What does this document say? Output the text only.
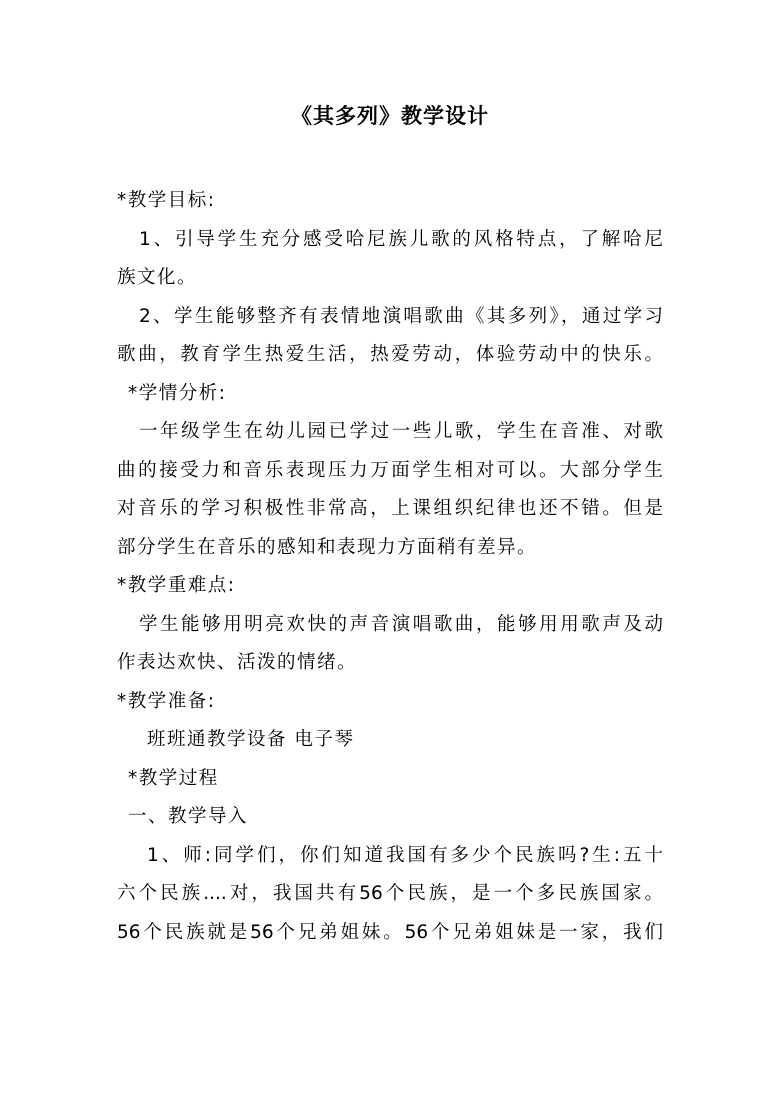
《其多列》教学设计
*教学目标:
1、引导学生充分感受哈尼族儿歌的风格特点，了解哈尼
族文化。
2、学生能够整齐有表情地演唱歌曲《其多列》，通过学习
歌曲，教育学生热爱生活，热爱劳动，体验劳动中的快乐。
*学情分析:
一年级学生在幼儿园已学过一些儿歌，学生在音准、对歌
曲的接受力和音乐表现压力万面学生相对可以。大部分学生
对音乐的学习积极性非常高，上课组织纪律也还不错。但是
部分学生在音乐的感知和表现力方面稍有差异。
*教学重难点:
学生能够用明亮欢快的声音演唱歌曲，能够用用歌声及动
作表达欢快、活泼的情绪。
*教学准备:
班班通教学设备 电子琴
*教学过程
一、教学导入
1、师:同学们，你们知道我国有多少个民族吗?生:五十
六个民族....对，我国共有56个民族，是一个多民族国家。
56个民族就是56个兄弟姐妹。56个兄弟姐妹是一家，我们
